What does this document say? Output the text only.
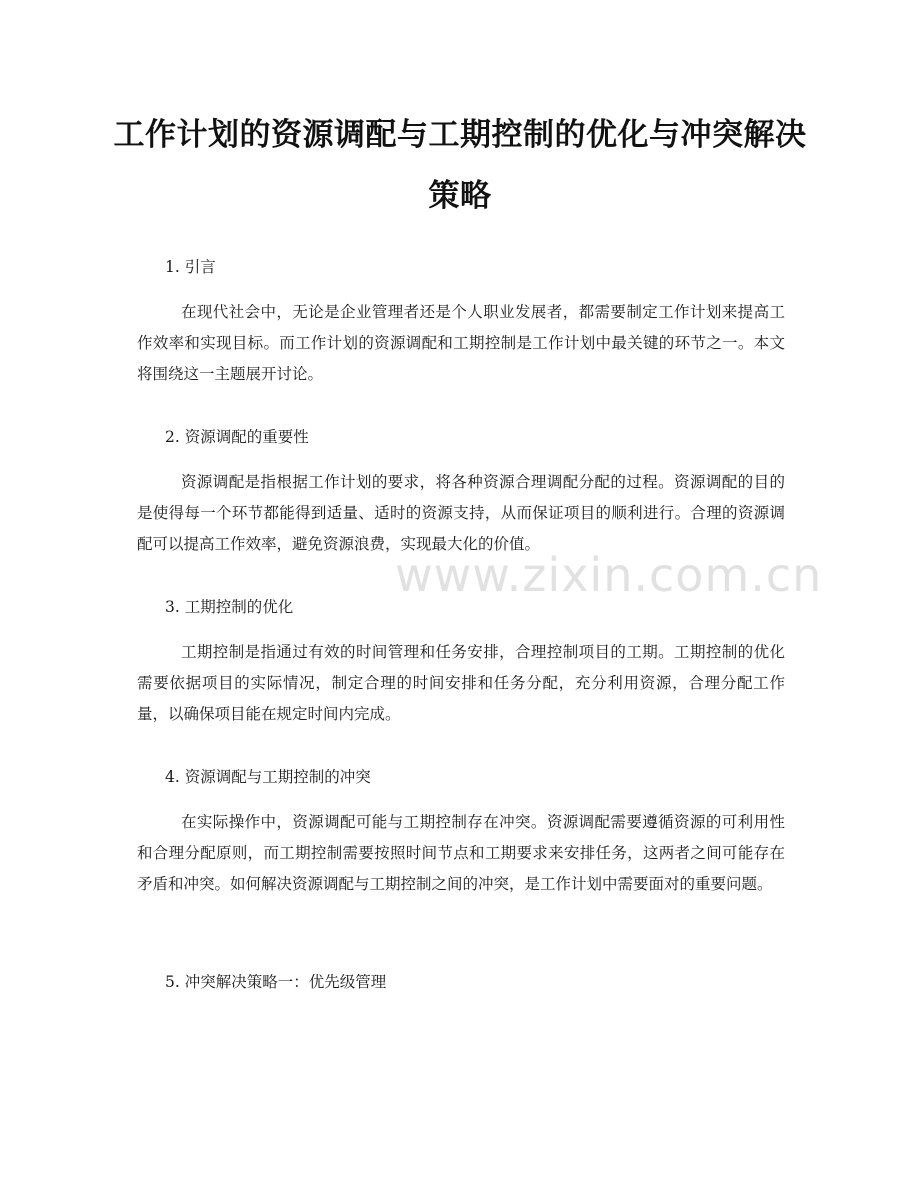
工作计划的资源调配与工期控制的优化与冲突解决策略
1. 引言

在现代社会中，无论是企业管理者还是个人职业发展者，都需要制定工作计划来提高工作效率和实现目标。而工作计划的资源调配和工期控制是工作计划中最关键的环节之一。本文将围绕这一主题展开讨论。

2. 资源调配的重要性

资源调配是指根据工作计划的要求，将各种资源合理调配分配的过程。资源调配的目的是使得每一个环节都能得到适量、适时的资源支持，从而保证项目的顺利进行。合理的资源调配可以提高工作效率，避免资源浪费，实现最大化的价值。

3. 工期控制的优化

工期控制是指通过有效的时间管理和任务安排，合理控制项目的工期。工期控制的优化需要依据项目的实际情况，制定合理的时间安排和任务分配，充分利用资源，合理分配工作量，以确保项目能在规定时间内完成。

4. 资源调配与工期控制的冲突

在实际操作中，资源调配可能与工期控制存在冲突。资源调配需要遵循资源的可利用性和合理分配原则，而工期控制需要按照时间节点和工期要求来安排任务，这两者之间可能存在矛盾和冲突。如何解决资源调配与工期控制之间的冲突，是工作计划中需要面对的重要问题。

5. 冲突解决策略一：优先级管理
www.zixin.com.cn
